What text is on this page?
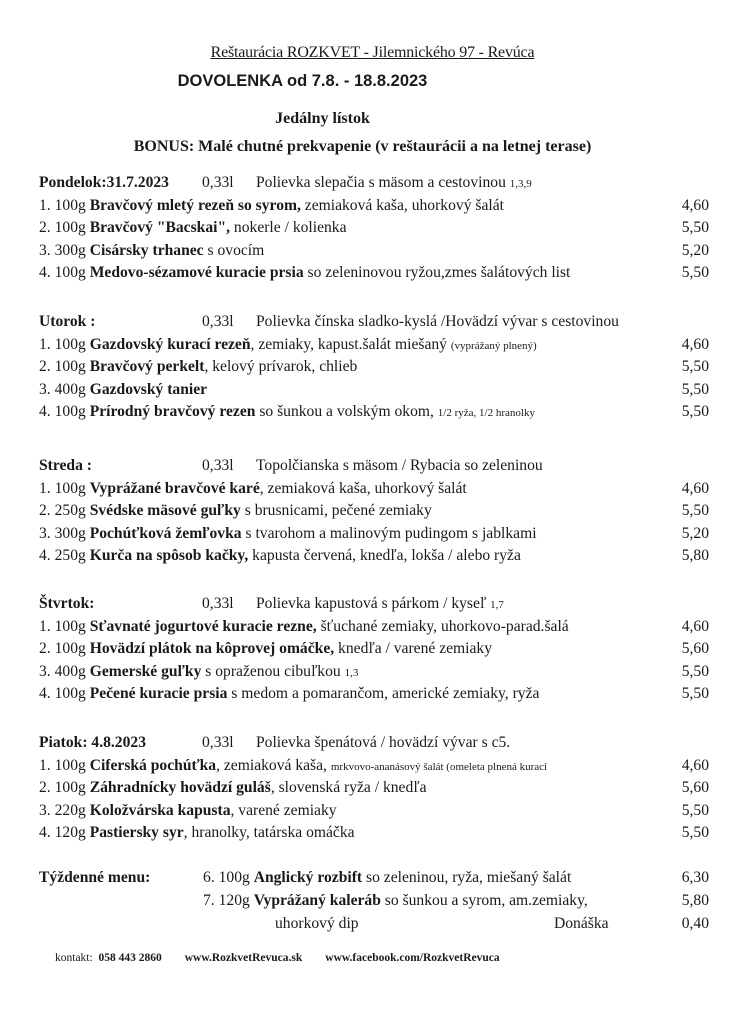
Reštaurácia ROZKVET - Jilemnického 97 - Revúca
DOVOLENKA od 7.8. - 18.8.2023
Jedálny lístok
BONUS: Malé chutné prekvapenie (v reštaurácii a na letnej terase)
Pondelok:31.7.2023 0,33l Polievka slepačia s mäsom a cestovinou 1,3,9
1. 100g Bravčový mletý rezeň so syrom, zemiaková kaša, uhorkový šalát	4,60
2. 100g Bravčový "Bacskai", nokerle / kolienka	5,50
3. 300g Cisársky trhanec s ovocím	5,20
4. 100g Medovo-sézamové kuracie prsia so zeleninovou ryžou,zmes šalátových list	5,50
Utorok :	0,33l Polievka čínska sladko-kyslá /Hovädzí vývar s cestovinou
1. 100g Gazdovský kurací rezeň, zemiaky, kapust.šalát miešaný (vyprážaný plnený)	4,60
2. 100g Bravčový perkelt, kelový prívarok, chlieb	5,50
3. 400g Gazdovský tanier	5,50
4. 100g Prírodný bravčový rezen so šunkou a volským okom, 1/2 ryža, 1/2 hranolky	5,50
Streda :	0,33l Topolčianska s mäsom / Rybacia so zeleninou
1. 100g Vyprážané bravčové karé, zemiaková kaša, uhorkový šalát	4,60
2. 250g Svédske mäsové guľky s brusnicami, pečené zemiaky	5,50
3. 300g Pochúťková žemľovka s tvarohom a malinovým pudingom s jablkami	5,20
4. 250g Kurča na spôsob kačky, kapusta červená, knedľa, lokša / alebo ryža	5,80
Štvrtok:	0,33l Polievka kapustová s párkom / kyseľ 1,7
1. 100g Sťavnaté jogurtové kuracie rezne, šťuchané zemiaky, uhorkovo-parad.šalá	4,60
2. 100g Hovädzí plátok na kôprovej omáčke, knedľa / varené zemiaky	5,60
3. 400g Gemerské guľky s opraženou cibuľkou 1,3	5,50
4. 100g Pečené kuracie prsia s medom a pomarančom, americké zemiaky, ryža	5,50
Piatok: 4.8.2023	0,33l Polievka špenátová / hovädzí vývar s c5.
1. 100g Ciferská pochúťka, zemiaková kaša, mrkvovo-ananásový šalát (omeleta plnená kurací	4,60
2. 100g Záhradnícky hovädzí guláš, slovenská ryža / knedľa	5,60
3. 220g Koložvárska kapusta, varené zemiaky	5,50
4. 120g Pastiersky syr, hranolky, tatárska omáčka	5,50
Týždenné menu:	6. 100g Anglický rozbift so zeleninou, ryža, miešaný šalát	6,30
7. 120g Vyprážaný kaleráb so šunkou a syrom, am.zemiaky,	5,80
uhorkový dip	Donáška	0,40
kontakt: 058 443 2860 www.RozkvetRevuca.sk www.facebook.com/RozkvetRevuca
